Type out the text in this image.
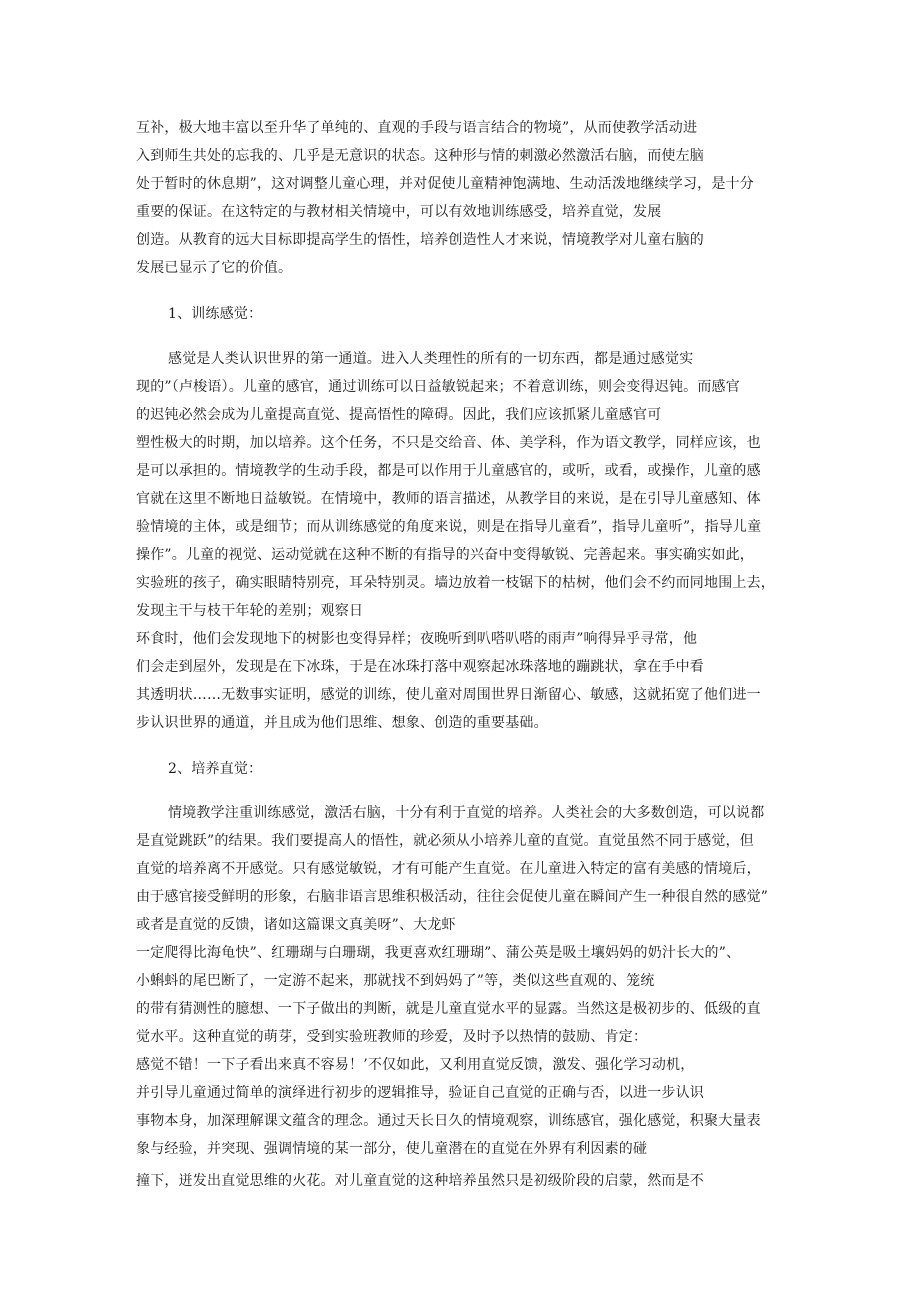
互补，极大地丰富以至升华了单纯的、直观的手段与语言结合的物境”，从而使教学活动进

入到师生共处的忘我的、几乎是无意识的状态。这种形与情的刺激必然激活右脑，而使左脑

处于暂时的休息期”，这对调整儿童心理，并对促使儿童精神饱满地、生动活泼地继续学习，是十分

重要的保证。在这特定的与教材相关情境中，可以有效地训练感受，培养直觉，发展

创造。从教育的远大目标即提高学生的悟性，培养创造性人才来说，情境教学对儿童右脑的

发展已显示了它的价值。

1、训练感觉：

感觉是人类认识世界的第一通道。进入人类理性的所有的一切东西，都是通过感觉实

现的”（卢梭语）。儿童的感官，通过训练可以日益敏锐起来；不着意训练，则会变得迟钝。而感官

的迟钝必然会成为儿童提高直觉、提高悟性的障碍。因此，我们应该抓紧儿童感官可

塑性极大的时期，加以培养。这个任务，不只是交给音、体、美学科，作为语文教学，同样应该，也

是可以承担的。情境教学的生动手段，都是可以作用于儿童感官的，或听，或看，或操作，儿童的感

官就在这里不断地日益敏锐。在情境中，教师的语言描述，从教学目的来说，是在引导儿童感知、体

验情境的主体，或是细节；而从训练感觉的角度来说，则是在指导儿童看”，指导儿童听”，指导儿童

操作”。儿童的视觉、运动觉就在这种不断的有指导的兴奋中变得敏锐、完善起来。事实确实如此，

实验班的孩子，确实眼睛特别亮，耳朵特别灵。墙边放着一枝锯下的枯树，他们会不约而同地围上去，

发现主干与枝干年轮的差别；观察日

环食时，他们会发现地下的树影也变得异样；夜晚听到叭嗒叭嗒的雨声”响得异乎寻常，他

们会走到屋外，发现是在下冰珠，于是在冰珠打落中观察起冰珠落地的蹦跳状，拿在手中看

其透明状……无数事实证明，感觉的训练，使儿童对周围世界日渐留心、敏感，这就拓宽了他们进一

步认识世界的通道，并且成为他们思维、想象、创造的重要基础。

2、培养直觉：

情境教学注重训练感觉，激活右脑，十分有利于直觉的培养。人类社会的大多数创造，可以说都

是直觉跳跃”的结果。我们要提高人的悟性，就必须从小培养儿童的直觉。直觉虽然不同于感觉，但

直觉的培养离不开感觉。只有感觉敏锐，才有可能产生直觉。在儿童进入特定的富有美感的情境后，

由于感官接受鲜明的形象，右脑非语言思维积极活动，往往会促使儿童在瞬间产生一种很自然的感觉”

或者是直觉的反馈，诸如这篇课文真美呀”、大龙虾

一定爬得比海龟快”、红珊瑚与白珊瑚，我更喜欢红珊瑚”、蒲公英是吸土壤妈妈的奶汁长大的”、

小蝌蚪的尾巴断了，一定游不起来，那就找不到妈妈了”等，类似这些直观的、笼统

的带有猜测性的臆想、一下子做出的判断，就是儿童直觉水平的显露。当然这是极初步的、低级的直

觉水平。这种直觉的萌芽，受到实验班教师的珍爱，及时予以热情的鼓励、肯定：

感觉不错！一下子看出来真不容易！’不仅如此，又利用直觉反馈，激发、强化学习动机，

并引导儿童通过简单的演绎进行初步的逻辑推导，验证自己直觉的正确与否，以进一步认识

事物本身，加深理解课文蕴含的理念。通过天长日久的情境观察，训练感官，强化感觉，积聚大量表

象与经验，并突现、强调情境的某一部分，使儿童潜在的直觉在外界有利因素的碰

撞下，迸发出直觉思维的火花。对儿童直觉的这种培养虽然只是初级阶段的启蒙，然而是不
